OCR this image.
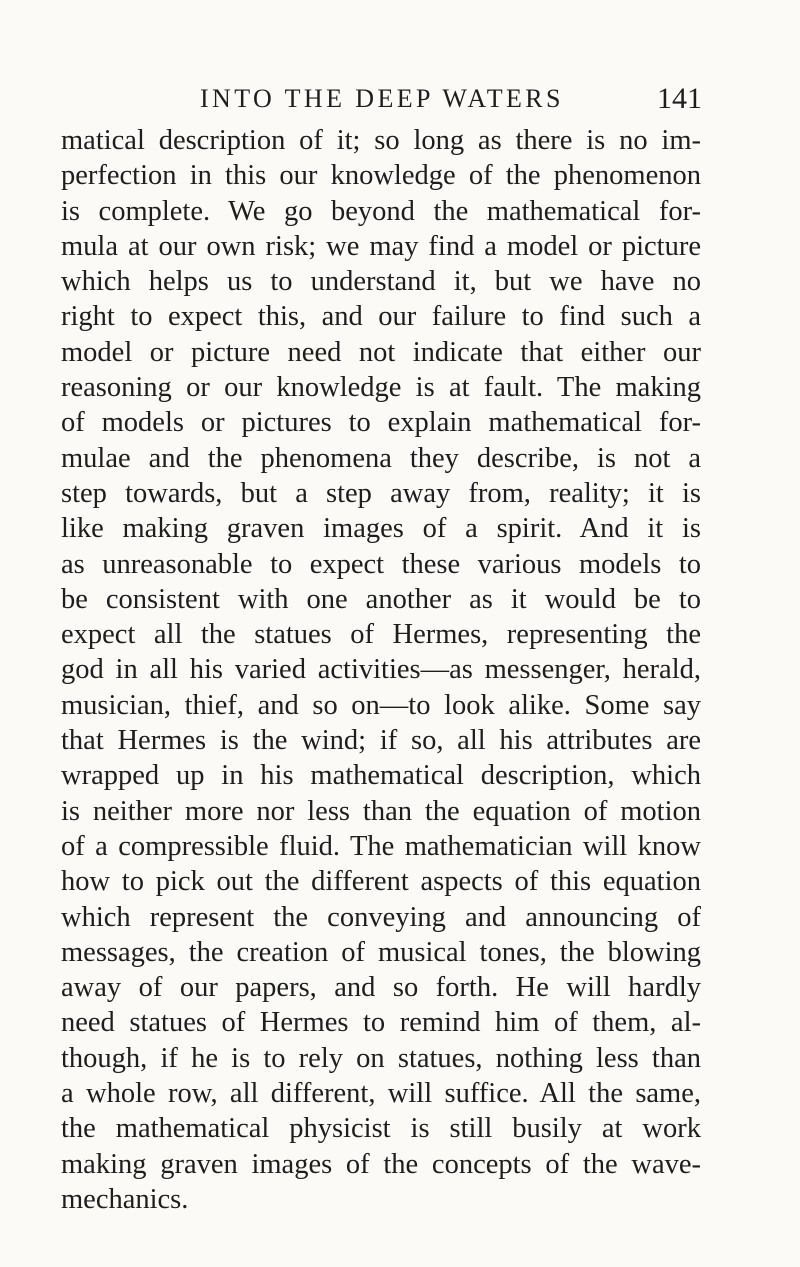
INTO THE DEEP WATERS	141
matical description of it; so long as there is no im-
perfection in this our knowledge of the phenomenon
is complete. We go beyond the mathematical for-
mula at our own risk; we may find a model or picture
which helps us to understand it, but we have no
right to expect this, and our failure to find such a
model or picture need not indicate that either our
reasoning or our knowledge is at fault. The making
of models or pictures to explain mathematical for-
mulae and the phenomena they describe, is not a
step towards, but a step away from, reality; it is
like making graven images of a spirit. And it is
as unreasonable to expect these various models to
be consistent with one another as it would be to
expect all the statues of Hermes, representing the
god in all his varied activities—as messenger, herald,
musician, thief, and so on—to look alike. Some say
that Hermes is the wind; if so, all his attributes are
wrapped up in his mathematical description, which
is neither more nor less than the equation of motion
of a compressible fluid. The mathematician will know
how to pick out the different aspects of this equation
which represent the conveying and announcing of
messages, the creation of musical tones, the blowing
away of our papers, and so forth. He will hardly
need statues of Hermes to remind him of them, al-
though, if he is to rely on statues, nothing less than
a whole row, all different, will suffice. All the same,
the mathematical physicist is still busily at work
making graven images of the concepts of the wave-
mechanics.
